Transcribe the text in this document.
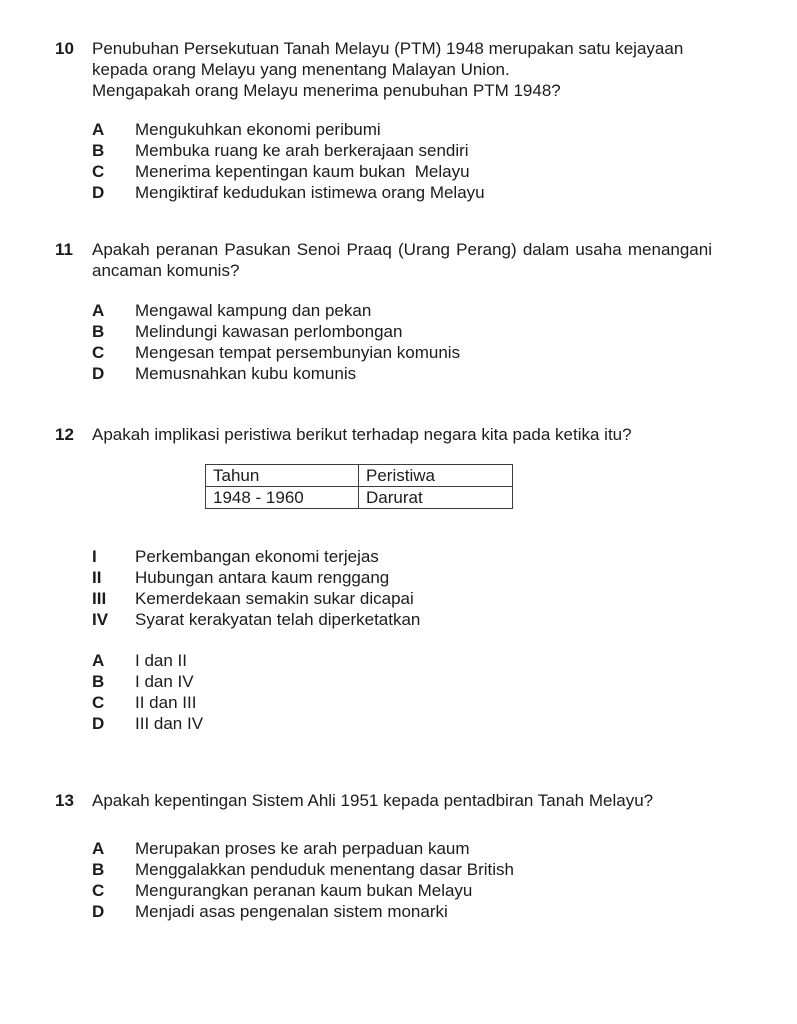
10	Penubuhan Persekutuan Tanah Melayu (PTM) 1948 merupakan satu kejayaan kepada orang Melayu yang menentang Malayan Union.
Mengapakah orang Melayu menerima penubuhan PTM 1948?
A	Mengukuhkan ekonomi peribumi
B	Membuka ruang ke arah berkerajaan sendiri
C	Menerima kepentingan kaum bukan  Melayu
D	Mengiktiraf kedudukan istimewa orang Melayu
11	Apakah peranan Pasukan Senoi Praaq (Urang Perang) dalam usaha menangani ancaman komunis?
A	Mengawal kampung dan pekan
B	Melindungi kawasan perlombongan
C	Mengesan tempat persembunyian komunis
D	Memusnahkan kubu komunis
12	Apakah implikasi peristiwa berikut terhadap negara kita pada ketika itu?
Tahun	Peristiwa
1948 - 1960	Darurat
I	Perkembangan ekonomi terjejas
II	Hubungan antara kaum renggang
III	Kemerdekaan semakin sukar dicapai
IV	Syarat kerakyatan telah diperketatkan
A	I dan II
B	I dan IV
C	II dan III
D	III dan IV
13	Apakah kepentingan Sistem Ahli 1951 kepada pentadbiran Tanah Melayu?
A	Merupakan proses ke arah perpaduan kaum
B	Menggalakkan penduduk menentang dasar British
C	Mengurangkan peranan kaum bukan Melayu
D	Menjadi asas pengenalan sistem monarki
